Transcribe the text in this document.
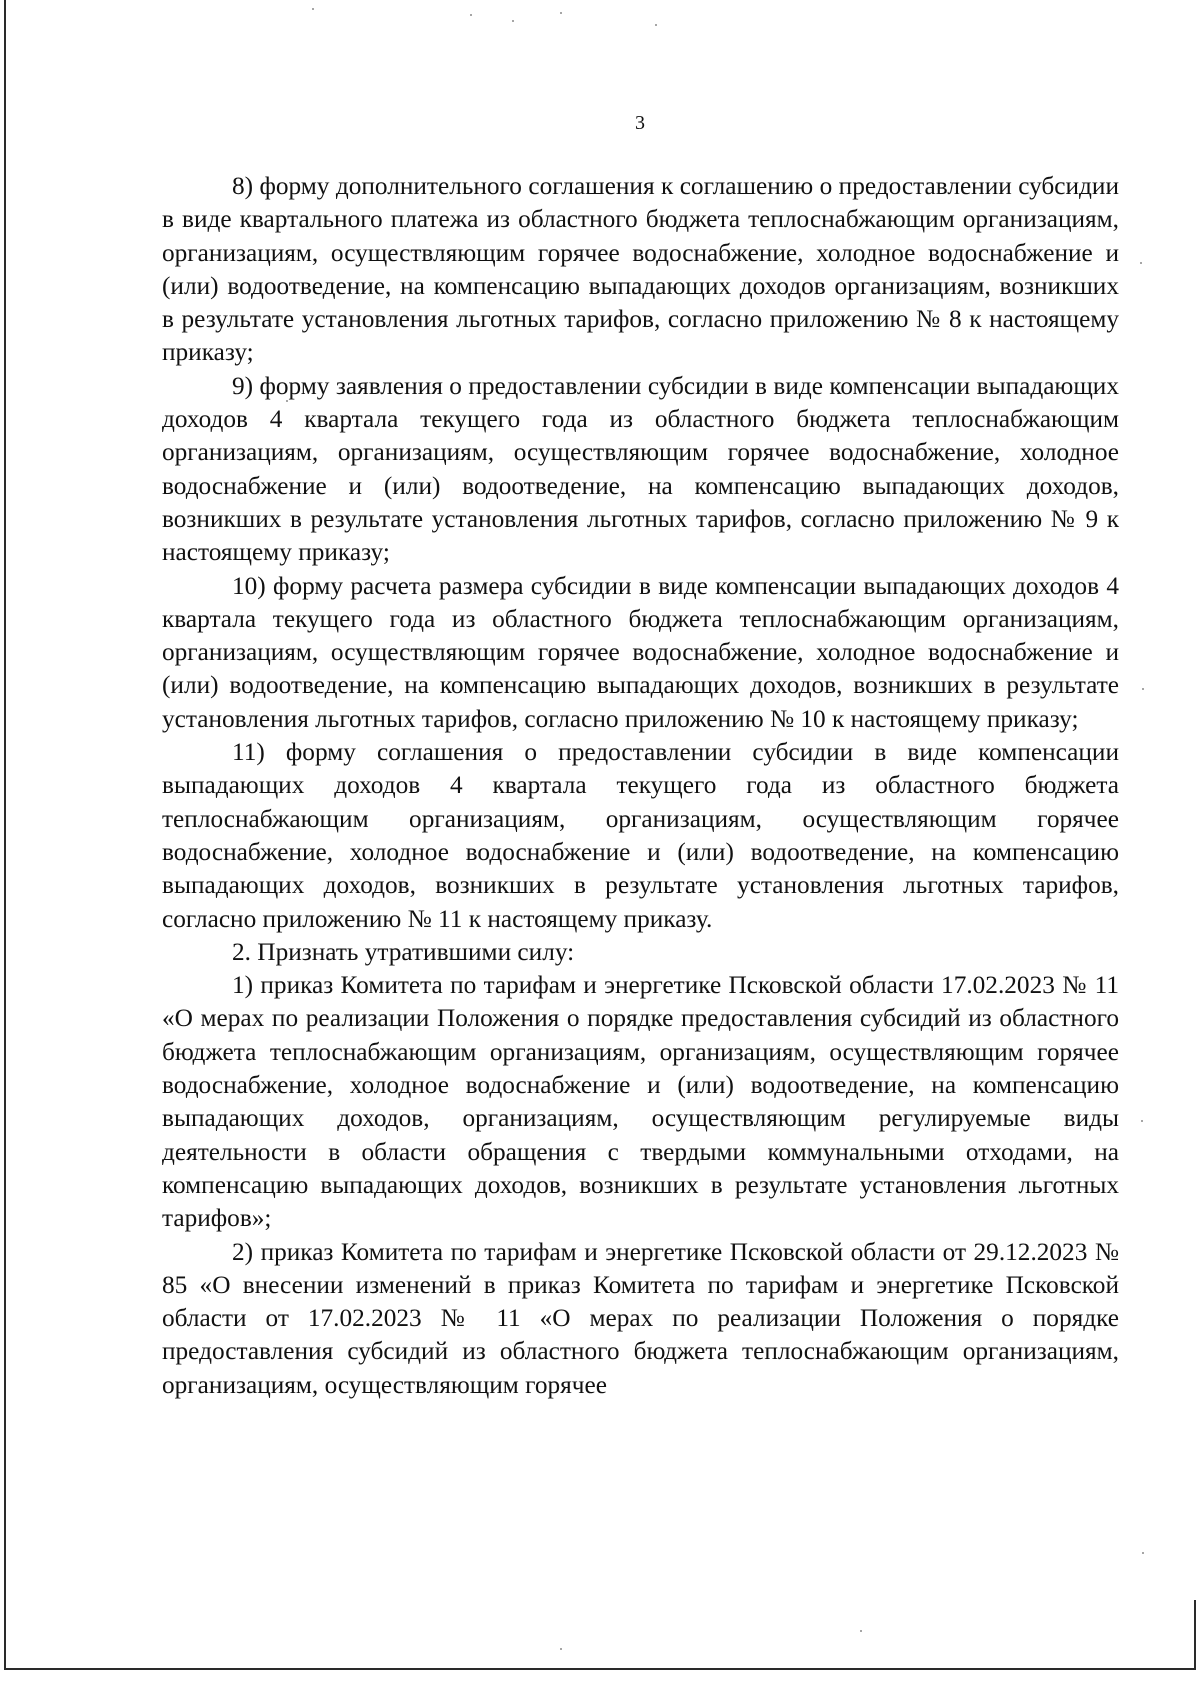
3

8) форму дополнительного соглашения к соглашению о предоставлении субсидии в виде квартального платежа из областного бюджета теплоснабжающим организациям, организациям, осуществляющим горячее водоснабжение, холодное водоснабжение и (или) водоотведение, на компенсацию выпадающих доходов организациям, возникших в результате установления льготных тарифов, согласно приложению № 8 к настоящему приказу;

9) форму заявления о предоставлении субсидии в виде компенсации выпадающих доходов 4 квартала текущего года из областного бюджета теплоснабжающим организациям, организациям, осуществляющим горячее водоснабжение, холодное водоснабжение и (или) водоотведение, на компенсацию выпадающих доходов, возникших в результате установления льготных тарифов, согласно приложению № 9 к настоящему приказу;

10) форму расчета размера субсидии в виде компенсации выпадающих доходов 4 квартала текущего года из областного бюджета теплоснабжающим организациям, организациям, осуществляющим горячее водоснабжение, холодное водоснабжение и (или) водоотведение, на компенсацию выпадающих доходов, возникших в результате установления льготных тарифов, согласно приложению № 10 к настоящему приказу;

11) форму соглашения о предоставлении субсидии в виде компенсации выпадающих доходов 4 квартала текущего года из областного бюджета теплоснабжающим организациям, организациям, осуществляющим горячее водоснабжение, холодное водоснабжение и (или) водоотведение, на компенсацию выпадающих доходов, возникших в результате установления льготных тарифов, согласно приложению № 11 к настоящему приказу.

2. Признать утратившими силу:

1) приказ Комитета по тарифам и энергетике Псковской области 17.02.2023 № 11 «О мерах по реализации Положения о порядке предоставления субсидий из областного бюджета теплоснабжающим организациям, организациям, осуществляющим горячее водоснабжение, холодное водоснабжение и (или) водоотведение, на компенсацию выпадающих доходов, организациям, осуществляющим регулируемые виды деятельности в области обращения с твердыми коммунальными отходами, на компенсацию выпадающих доходов, возникших в результате установления льготных тарифов»;

2) приказ Комитета по тарифам и энергетике Псковской области от 29.12.2023 № 85 «О внесении изменений в приказ Комитета по тарифам и энергетике Псковской области от 17.02.2023 № 11 «О мерах по реализации Положения о порядке предоставления субсидий из областного бюджета теплоснабжающим организациям, организациям, осуществляющим горячее
